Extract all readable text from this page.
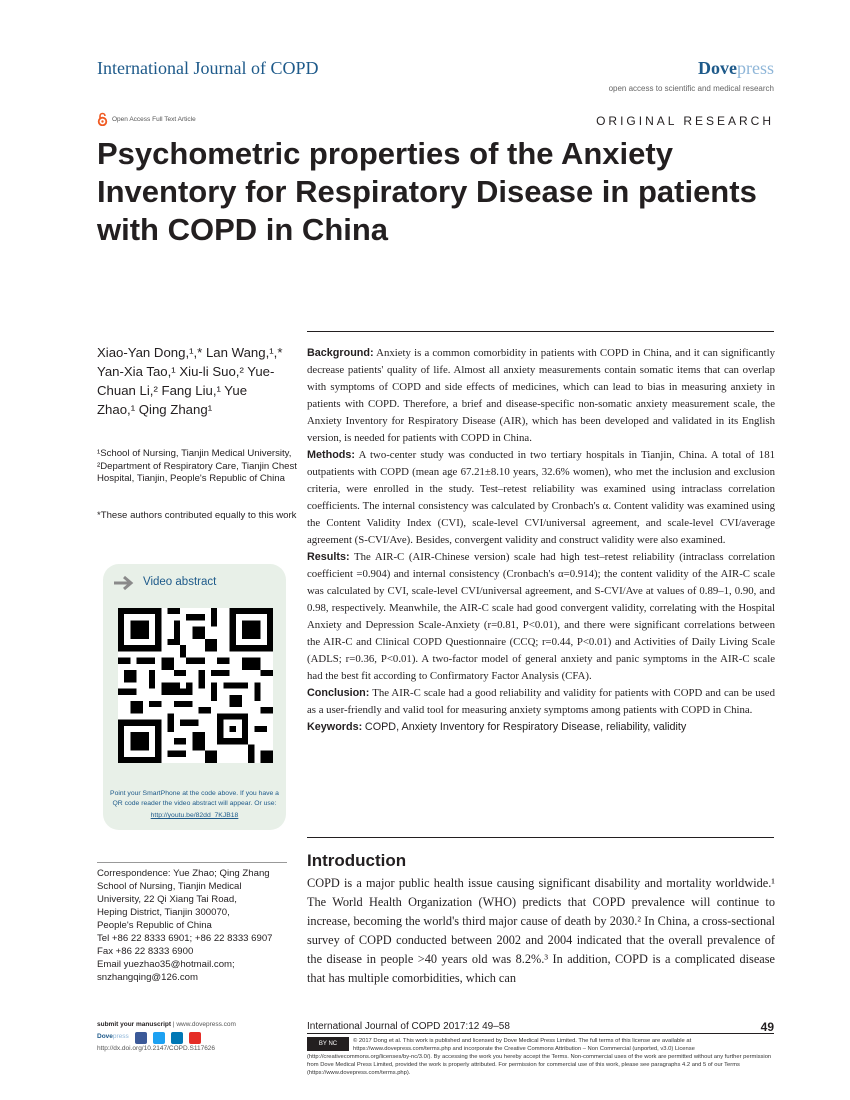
International Journal of COPD	Dovepress
open access to scientific and medical research
Open Access Full Text Article	ORIGINAL RESEARCH
Psychometric properties of the Anxiety Inventory for Respiratory Disease in patients with COPD in China
Xiao-Yan Dong,¹,* Lan Wang,¹,* Yan-Xia Tao,¹ Xiu-li Suo,² Yue-Chuan Li,² Fang Liu,¹ Yue Zhao,¹ Qing Zhang¹
¹School of Nursing, Tianjin Medical University, ²Department of Respiratory Care, Tianjin Chest Hospital, Tianjin, People's Republic of China
*These authors contributed equally to this work
Video abstract
Point your SmartPhone at the code above. If you have a QR code reader the video abstract will appear. Or use:
http://youtu.be/82dd_7KJB18
Correspondence: Yue Zhao; Qing Zhang
School of Nursing, Tianjin Medical
University, 22 Qi Xiang Tai Road,
Heping District, Tianjin 300070,
People's Republic of China
Tel +86 22 8333 6901; +86 22 8333 6907
Fax +86 22 8333 6900
Email yuezhao35@hotmail.com;
snzhangqing@126.com

Background: Anxiety is a common comorbidity in patients with COPD in China, and it can significantly decrease patients' quality of life. Almost all anxiety measurements contain somatic items that can overlap with symptoms of COPD and side effects of medicines, which can lead to bias in measuring anxiety in patients with COPD. Therefore, a brief and disease-specific non-somatic anxiety measurement scale, the Anxiety Inventory for Respiratory Disease (AIR), which has been developed and validated in its English version, is needed for patients with COPD in China.

Methods: A two-center study was conducted in two tertiary hospitals in Tianjin, China. A total of 181 outpatients with COPD (mean age 67.21±8.10 years, 32.6% women), who met the inclusion and exclusion criteria, were enrolled in the study. Test–retest reliability was examined using intraclass correlation coefficients. The internal consistency was calculated by Cronbach's α. Content validity was examined using the Content Validity Index (CVI), scale-level CVI/universal agreement, and scale-level CVI/average agreement (S-CVI/Ave). Besides, convergent validity and construct validity were also examined.

Results: The AIR-C (AIR-Chinese version) scale had high test–retest reliability (intraclass correlation coefficient =0.904) and internal consistency (Cronbach's α=0.914); the content validity of the AIR-C scale was calculated by CVI, scale-level CVI/universal agreement, and S-CVI/Ave at values of 0.89–1, 0.90, and 0.98, respectively. Meanwhile, the AIR-C scale had good convergent validity, correlating with the Hospital Anxiety and Depression Scale-Anxiety (r=0.81, P<0.01), and there were significant correlations between the AIR-C and Clinical COPD Questionnaire (CCQ; r=0.44, P<0.01) and Activities of Daily Living Scale (ADLS; r=0.36, P<0.01). A two-factor model of general anxiety and panic symptoms in the AIR-C scale had the best fit according to Confirmatory Factor Analysis (CFA).

Conclusion: The AIR-C scale had a good reliability and validity for patients with COPD and can be used as a user-friendly and valid tool for measuring anxiety symptoms among patients with COPD in China.

Keywords: COPD, Anxiety Inventory for Respiratory Disease, reliability, validity

Introduction
COPD is a major public health issue causing significant disability and mortality worldwide.¹ The World Health Organization (WHO) predicts that COPD prevalence will continue to increase, becoming the world's third major cause of death by 2030.² In China, a cross-sectional survey of COPD conducted between 2002 and 2004 indicated that the overall prevalence of the disease in people >40 years old was 8.2%.³ In addition, COPD is a complicated disease that has multiple comorbidities, which can
submit your manuscript | www.dovepress.com
Dovepress
http://dx.doi.org/10.2147/COPD.S117626
International Journal of COPD 2017:12 49–58	49
BY NC	© 2017 Dong et al. This work is published and licensed by Dove Medical Press Limited. The full terms of this license are available at https://www.dovepress.com/terms.php and incorporate the Creative Commons Attribution – Non Commercial (unported, v3.0) License (http://creativecommons.org/licenses/by-nc/3.0/). By accessing the work you hereby accept the Terms. Non-commercial uses of the work are permitted without any further permission from Dove Medical Press Limited, provided the work is properly attributed. For permission for commercial use of this work, please see paragraphs 4.2 and 5 of our Terms (https://www.dovepress.com/terms.php).
